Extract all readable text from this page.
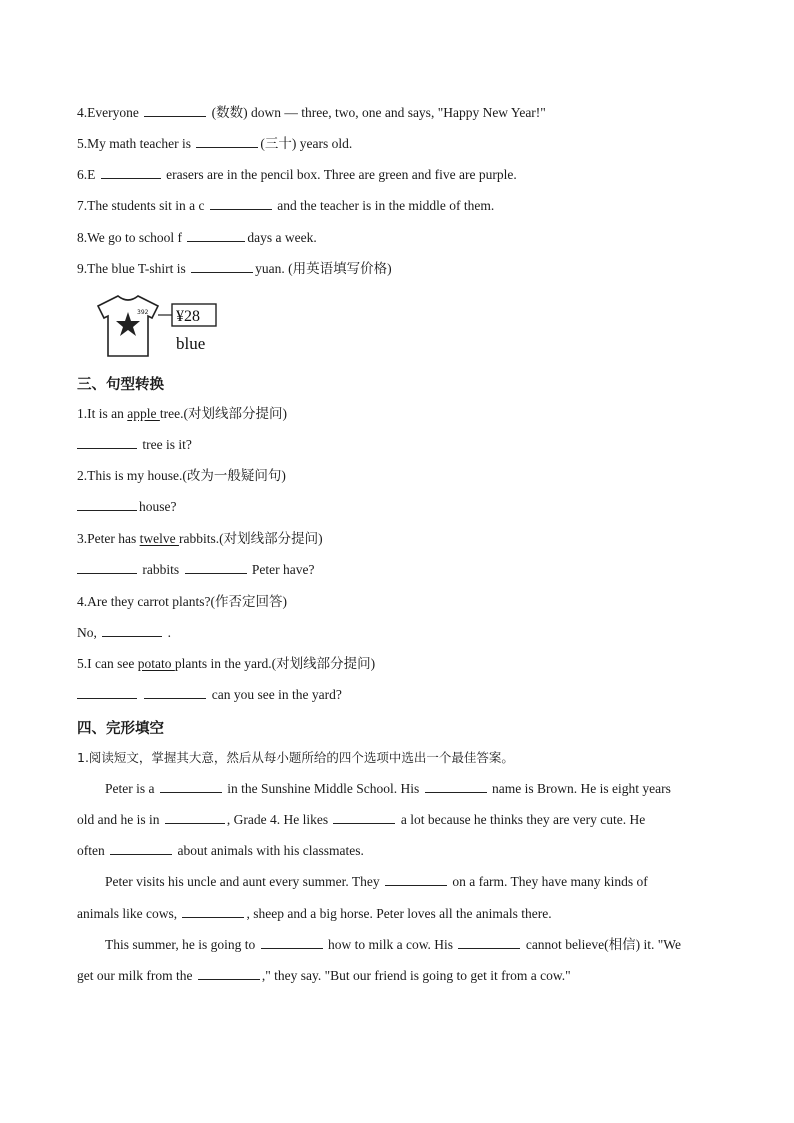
4.Everyone	(数数) down — three, two, one and says, "Happy New Year!"
5.My math teacher is	(三十) years old.
6.E	erasers are in the pencil box. Three are green and five are purple.
7.The students sit in a c	and the teacher is in the middle of them.
8.We go to school f	days a week.
9.The blue T-shirt is	yuan. (用英语填写价格)
392 ¥28
blue
三、句型转换
1.It is an apple tree.(对划线部分提问)
tree is it?
2.This is my house.(改为一般疑问句)
house?
3.Peter has twelve rabbits.(对划线部分提问)
rabbits	Peter have?
4.Are they carrot plants?(作否定回答)
No,	.
5.I can see potato plants in the yard.(对划线部分提问)
can you see in the yard?
四、完形填空
1.阅读短文，掌握其大意，然后从每小题所给的四个选项中选出一个最佳答案。
Peter is a	in the Sunshine Middle School. His	name is Brown. He is eight years
old and he is in	, Grade 4. He likes	a lot because he thinks they are very cute. He
often	about animals with his classmates.
Peter visits his uncle and aunt every summer. They	on a farm. They have many kinds of
animals like cows,	, sheep and a big horse. Peter loves all the animals there.
This summer, he is going to	how to milk a cow. His	cannot believe(相信) it. "We
get our milk from the	," they say. "But our friend is going to get it from a cow."
